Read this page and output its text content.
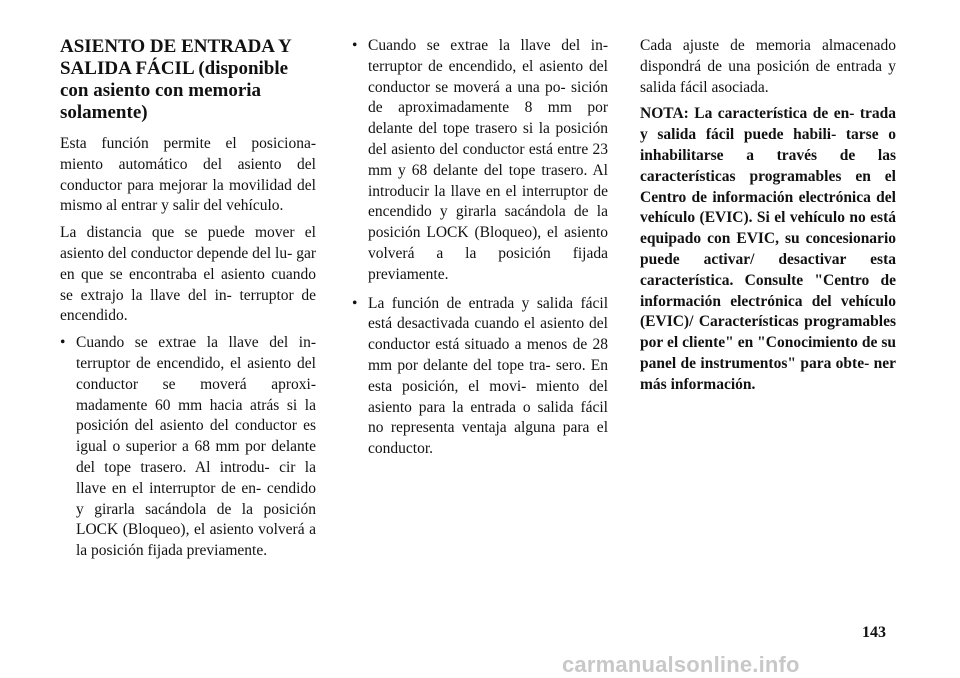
ASIENTO DE ENTRADA Y SALIDA FÁCIL (disponible con asiento con memoria solamente)

Esta función permite el posiciona- miento automático del asiento del conductor para mejorar la movilidad del mismo al entrar y salir del vehículo.

La distancia que se puede mover el asiento del conductor depende del lu- gar en que se encontraba el asiento cuando se extrajo la llave del in- terruptor de encendido.

• Cuando se extrae la llave del in- terruptor de encendido, el asiento del conductor se moverá aproxi- madamente 60 mm hacia atrás si la posición del asiento del conductor es igual o superior a 68 mm por delante del tope trasero. Al introdu- cir la llave en el interruptor de en- cendido y girarla sacándola de la posición LOCK (Bloqueo), el asiento volverá a la posición fijada previamente.
• Cuando se extrae la llave del in- terruptor de encendido, el asiento del conductor se moverá a una po- sición de aproximadamente 8 mm por delante del tope trasero si la posición del asiento del conductor está entre 23 mm y 68 delante del tope trasero. Al introducir la llave en el interruptor de encendido y girarla sacándola de la posición LOCK (Bloqueo), el asiento volverá a la posición fijada previamente.
• La función de entrada y salida fácil está desactivada cuando el asiento del conductor está situado a menos de 28 mm por delante del tope tra- sero. En esta posición, el movi- miento del asiento para la entrada o salida fácil no representa ventaja alguna para el conductor.

Cada ajuste de memoria almacenado dispondrá de una posición de entrada y salida fácil asociada.

NOTA: La característica de en- trada y salida fácil puede habili- tarse o inhabilitarse a través de las características programables en el Centro de información electrónica del vehículo (EVIC). Si el vehículo no está equipado con EVIC, su concesionario puede activar/ desactivar esta característica. Consulte "Centro de información electrónica del vehículo (EVIC)/ Características programables por el cliente" en "Conocimiento de su panel de instrumentos" para obte- ner más información.

143
carmanualsonline.info
